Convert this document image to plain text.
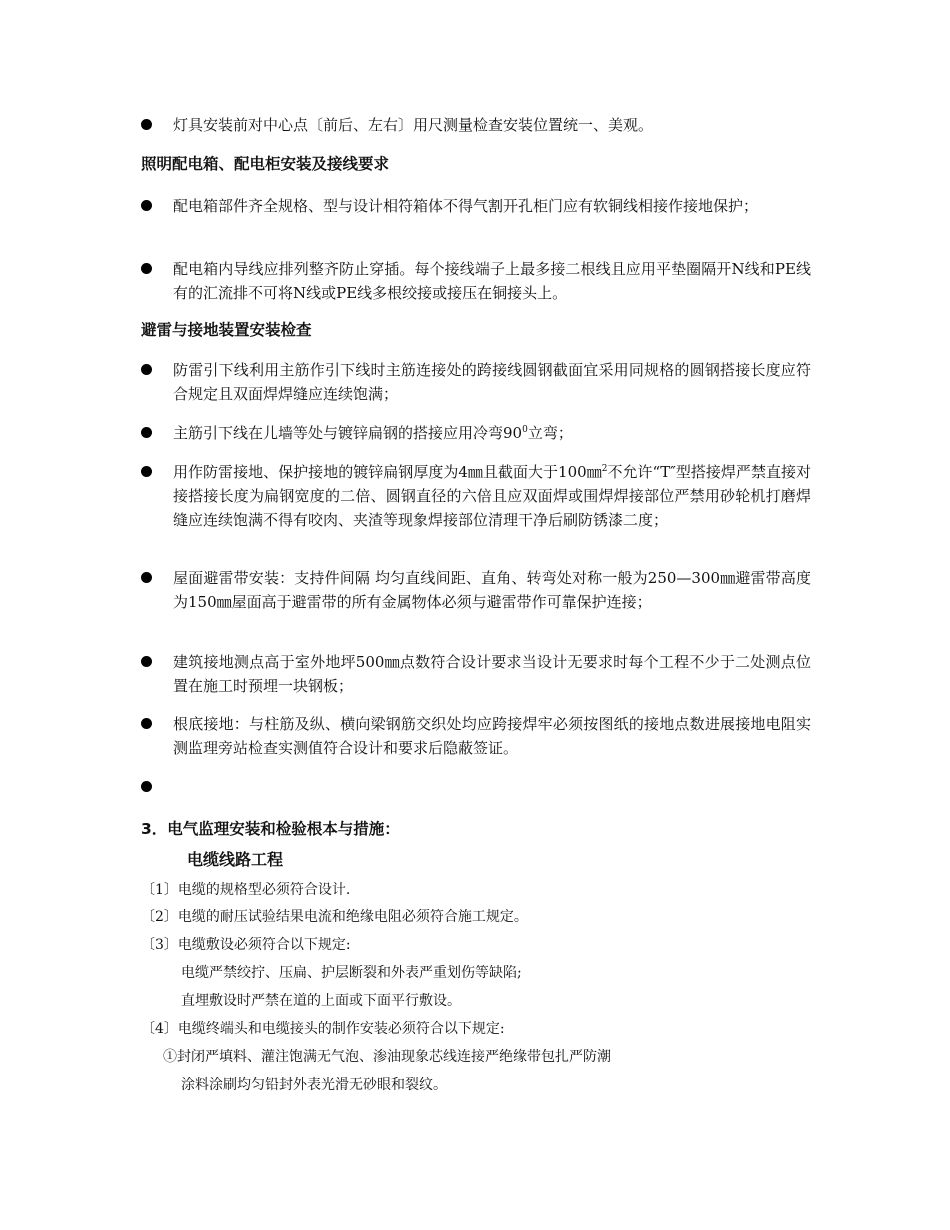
灯具安装前对中心点〔前后、左右〕用尺测量检查安装位置统一、美观。
照明配电箱、配电柜安装及接线要求
配电箱部件齐全规格、型与设计相符箱体不得气割开孔柜门应有软铜线相接作接地保护；
配电箱内导线应排列整齐防止穿插。每个接线端子上最多接二根线且应用平垫圈隔开N线和PE线有的汇流排不可将N线或PE线多根绞接或接压在铜接头上。
避雷与接地装置安装检查
防雷引下线利用主筋作引下线时主筋连接处的跨接线圆钢截面宜采用同规格的圆钢搭接长度应符合规定且双面焊焊缝应连续饱满；
主筋引下线在儿墙等处与镀锌扁钢的搭接应用冷弯$90^0$立弯；
用作防雷接地、保护接地的镀锌扁钢厚度为4㎜且截面大于100㎜$^2$不允许“T″型搭接焊严禁直接对接搭接长度为扁钢宽度的二倍、圆钢直径的六倍且应双面焊或围焊焊接部位严禁用砂轮机打磨焊缝应连续饱满不得有咬肉、夹渣等现象焊接部位清理干净后刷防锈漆二度；
屋面避雷带安装：支持件间隔 均匀直线间距、直角、转弯处对称一般为250—300㎜避雷带高度为150㎜屋面高于避雷带的所有金属物体必须与避雷带作可靠保护连接；
建筑接地测点高于室外地坪500㎜点数符合设计要求当设计无要求时每个工程不少于二处测点位置在施工时预埋一块钢板；
根底接地：与柱筋及纵、横向梁钢筋交织处均应跨接焊牢必须按图纸的接地点数进展接地电阻实测监理旁站检查实测值符合设计和要求后隐蔽签证。
3．电气监理安装和检验根本与措施：
电缆线路工程
〔1〕电缆的规格型必须符合设计.
〔2〕电缆的耐压试验结果电流和绝缘电阻必须符合施工规定。
〔3〕电缆敷设必须符合以下规定:
电缆严禁绞拧、压扁、护层断裂和外表严重划伤等缺陷;
直埋敷设时严禁在道的上面或下面平行敷设。
〔4〕电缆终端头和电缆接头的制作安装必须符合以下规定:
①封闭严填料、灌注饱满无气泡、渗油现象芯线连接严绝缘带包扎严防潮
涂料涂刷均匀铅封外表光滑无砂眼和裂纹。
